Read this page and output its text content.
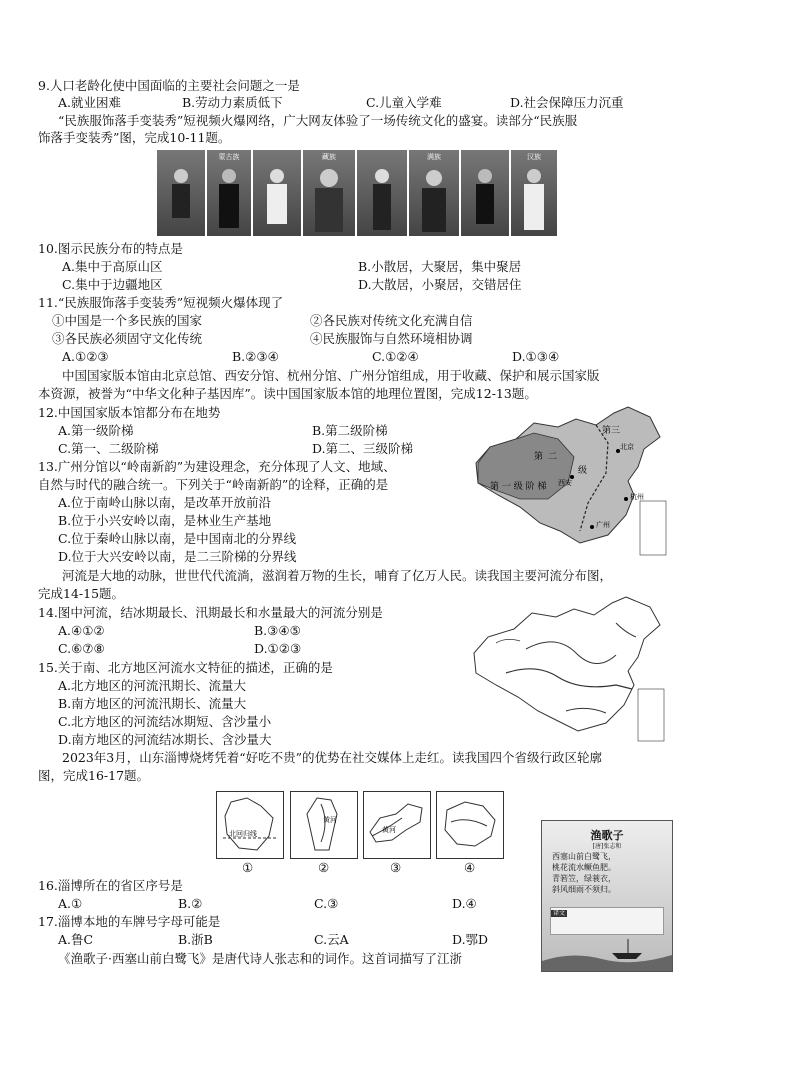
9.人口老龄化使中国面临的主要社会问题之一是
A.就业困难	B.劳动力素质低下	C.儿童入学难	D.社会保障压力沉重
“民族服饰落手变装秀”短视频火爆网络，广大网友体验了一场传统文化的盛宴。读部分“民族服
饰落手变装秀”图，完成10-11题。
蒙古族	藏族	满族	汉族
10.图示民族分布的特点是
A.集中于高原山区	B.小散居，大聚居，集中聚居
C.集中于边疆地区	D.大散居，小聚居，交错居住
11.“民族服饰落手变装秀”短视频火爆体现了
①中国是一个多民族的国家	②各民族对传统文化充满自信
③各民族必须固守文化传统	④民族服饰与自然环境相协调
A.①②③	B.②③④	C.①②④	D.①③④
中国国家版本馆由北京总馆、西安分馆、杭州分馆、广州分馆组成，用于收藏、保护和展示国家版
本资源，被誉为“中华文化种子基因库”。读中国国家版本馆的地理位置图，完成12-13题。
12.中国国家版本馆都分布在地势
A.第一级阶梯	B.第二级阶梯
C.第一、二级阶梯	D.第二、三级阶梯
13.广州分馆以“岭南新韵”为建设理念，充分体现了人文、地域、
自然与时代的融合统一。下列关于“岭南新韵”的诠释，正确的是
A.位于南岭山脉以南，是改革开放前沿
B.位于小兴安岭以南，是林业生产基地
C.位于秦岭山脉以南，是中国南北的分界线
D.位于大兴安岭以南，是二三阶梯的分界线
第 一 级 阶 梯
第 二
级
第三
北京
西安
杭州
广州
河流是大地的动脉，世世代代流淌，滋润着万物的生长，哺育了亿万人民。读我国主要河流分布图，
完成14-15题。
14.图中河流，结冰期最长、汛期最长和水量最大的河流分别是
A.④①②	B.③④⑤
C.⑥⑦⑧	D.①②③
15.关于南、北方地区河流水文特征的描述，正确的是
A.北方地区的河流汛期长、流量大
B.南方地区的河流汛期长、流量大
C.北方地区的河流结冰期短、含沙量小
D.南方地区的河流结冰期长、含沙量大
2023年3月，山东淄博烧烤凭着“好吃不贵”的优势在社交媒体上走红。读我国四个省级行政区轮廓
图，完成16-17题。
北回归线
①
黄河
②
黄河
③	④
16.淄博所在的省区序号是
A.①	B.②	C.③	D.④
17.淄博本地的车牌号字母可能是
A.鲁C	B.浙B	C.云A	D.鄂D
《渔歌子·西塞山前白鹭飞》是唐代诗人张志和的词作。这首词描写了江浙
渔歌子
[唐]张志和
西塞山前白鹭飞，
桃花流水鳜鱼肥。
青箬笠，绿蓑衣，
斜风细雨不须归。
译文
